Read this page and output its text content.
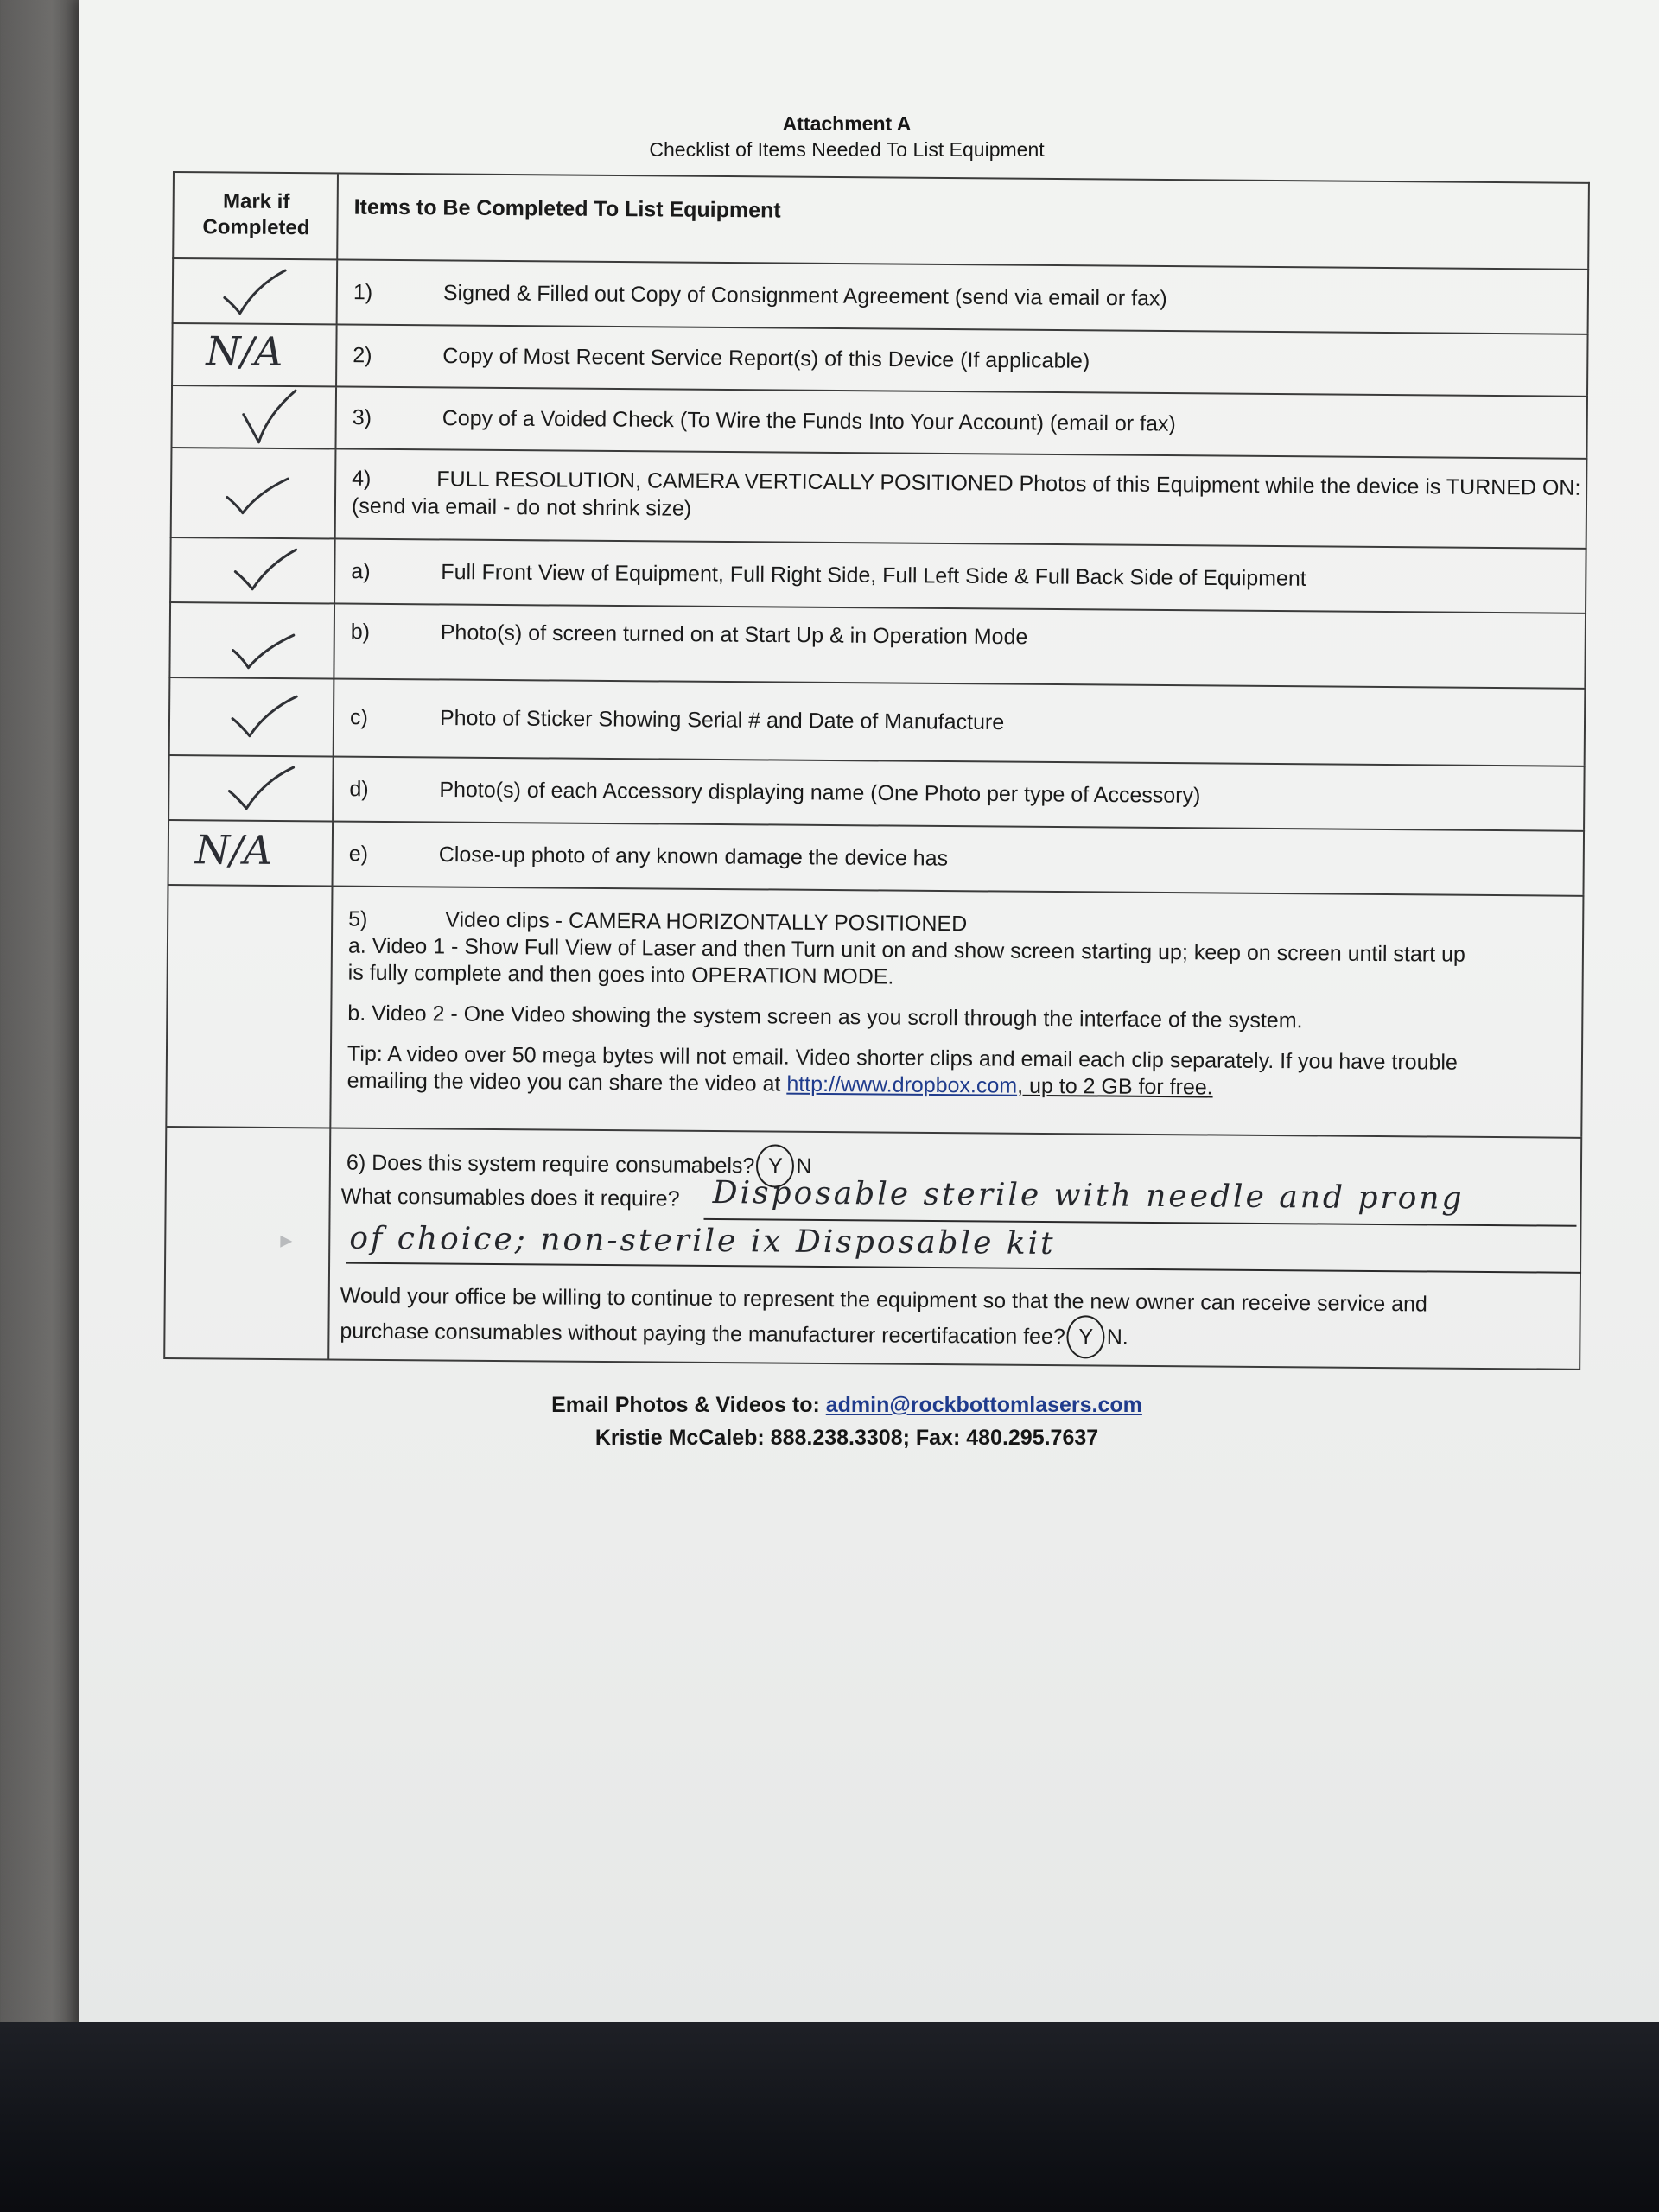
Attachment A
Checklist of Items Needed To List Equipment
Mark if Completed
Items to Be Completed To List Equipment
1)	Signed & Filled out Copy of Consignment Agreement (send via email or fax)
N/A	2)	Copy of Most Recent Service Report(s) of this Device (If applicable)
3)	Copy of a Voided Check (To Wire the Funds Into Your Account) (email or fax)
4)	FULL RESOLUTION, CAMERA VERTICALLY POSITIONED Photos of this Equipment while the device is TURNED ON:
(send via email - do not shrink size)
a)	Full Front View of Equipment, Full Right Side, Full Left Side & Full Back Side of Equipment
b)	Photo(s) of screen turned on at Start Up & in Operation Mode
c)	Photo of Sticker Showing Serial # and Date of Manufacture
d)	Photo(s) of each Accessory displaying name (One Photo per type of Accessory)
N/A	e)	Close-up photo of any known damage the device has

5)	Video clips - CAMERA HORIZONTALLY POSITIONED

a. Video 1 - Show Full View of Laser and then Turn unit on and show screen starting up; keep on screen until start up

is fully complete and then goes into OPERATION MODE.

b. Video 2 - One Video showing the system screen as you scroll through the interface of the system.

Tip: A video over 50 mega bytes will not email. Video shorter clips and email each clip separately. If you have trouble

emailing the video you can share the video at http://www.dropbox.com, up to 2 GB for free.

▸
6) Does this system require consumabels? Y N
What consumables does it require? Disposable sterile with needle and prong
of choice; non-sterile ix Disposable kit

Would your office be willing to continue to represent the equipment so that the new owner can receive service and

purchase consumables without paying the manufacturer recertifacation fee? Y N.

Email Photos & Videos to: admin@rockbottomlasers.com
Kristie McCaleb: 888.238.3308; Fax: 480.295.7637
